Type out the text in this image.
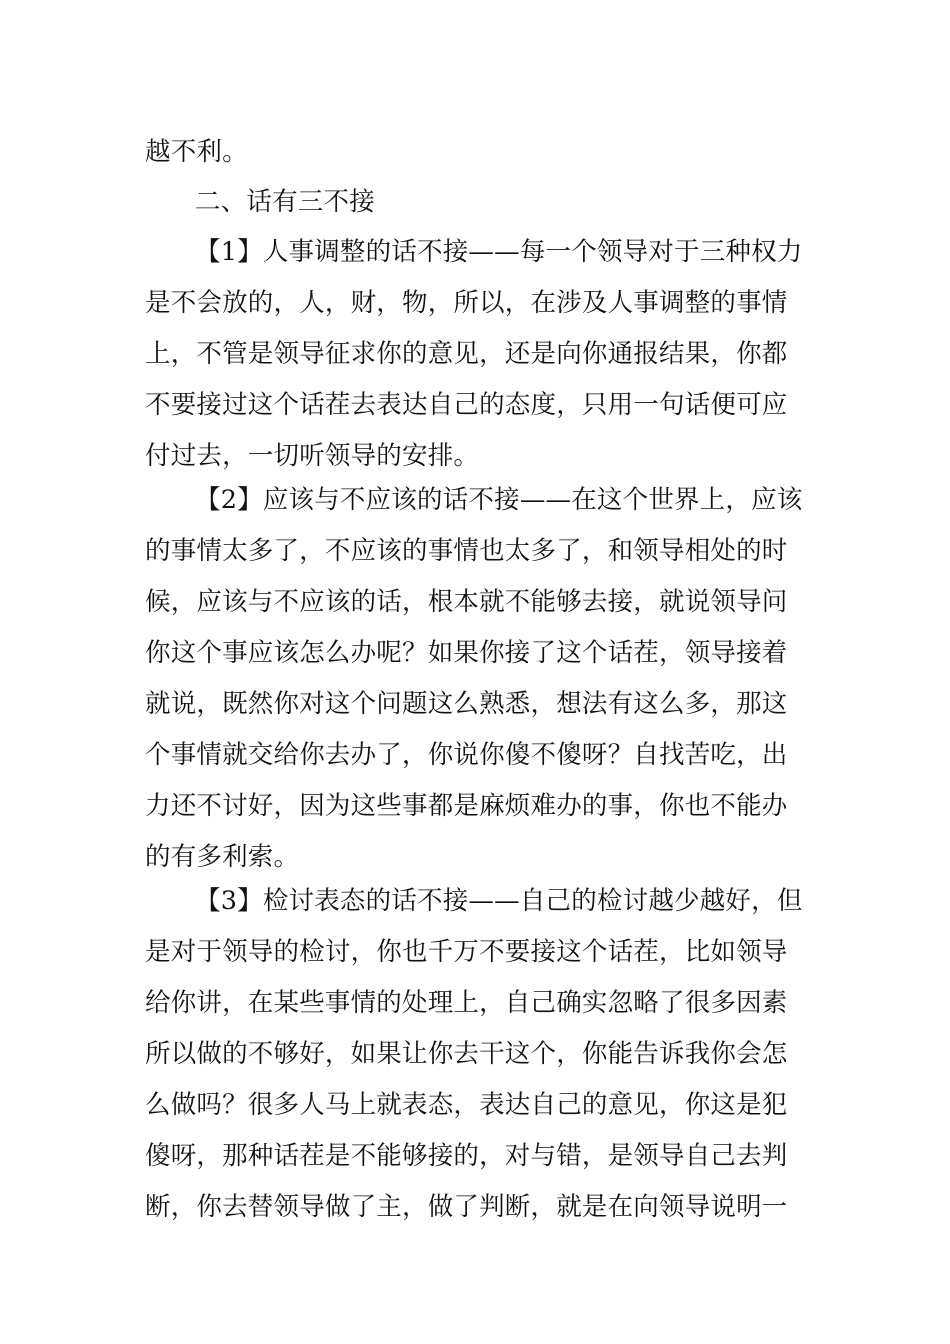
越不利。
二、话有三不接
【1】人事调整的话不接——每一个领导对于三种权力
是不会放的，人，财，物，所以，在涉及人事调整的事情
上，不管是领导征求你的意见，还是向你通报结果，你都
不要接过这个话茬去表达自己的态度，只用一句话便可应
付过去，一切听领导的安排。
【2】应该与不应该的话不接——在这个世界上，应该
的事情太多了，不应该的事情也太多了，和领导相处的时
候，应该与不应该的话，根本就不能够去接，就说领导问
你这个事应该怎么办呢？如果你接了这个话茬，领导接着
就说，既然你对这个问题这么熟悉，想法有这么多，那这
个事情就交给你去办了，你说你傻不傻呀？自找苦吃，出
力还不讨好，因为这些事都是麻烦难办的事，你也不能办
的有多利索。
【3】检讨表态的话不接——自己的检讨越少越好，但
是对于领导的检讨，你也千万不要接这个话茬，比如领导
给你讲，在某些事情的处理上，自己确实忽略了很多因素
所以做的不够好，如果让你去干这个，你能告诉我你会怎
么做吗？很多人马上就表态，表达自己的意见，你这是犯
傻呀，那种话茬是不能够接的，对与错，是领导自己去判
断，你去替领导做了主，做了判断，就是在向领导说明一
